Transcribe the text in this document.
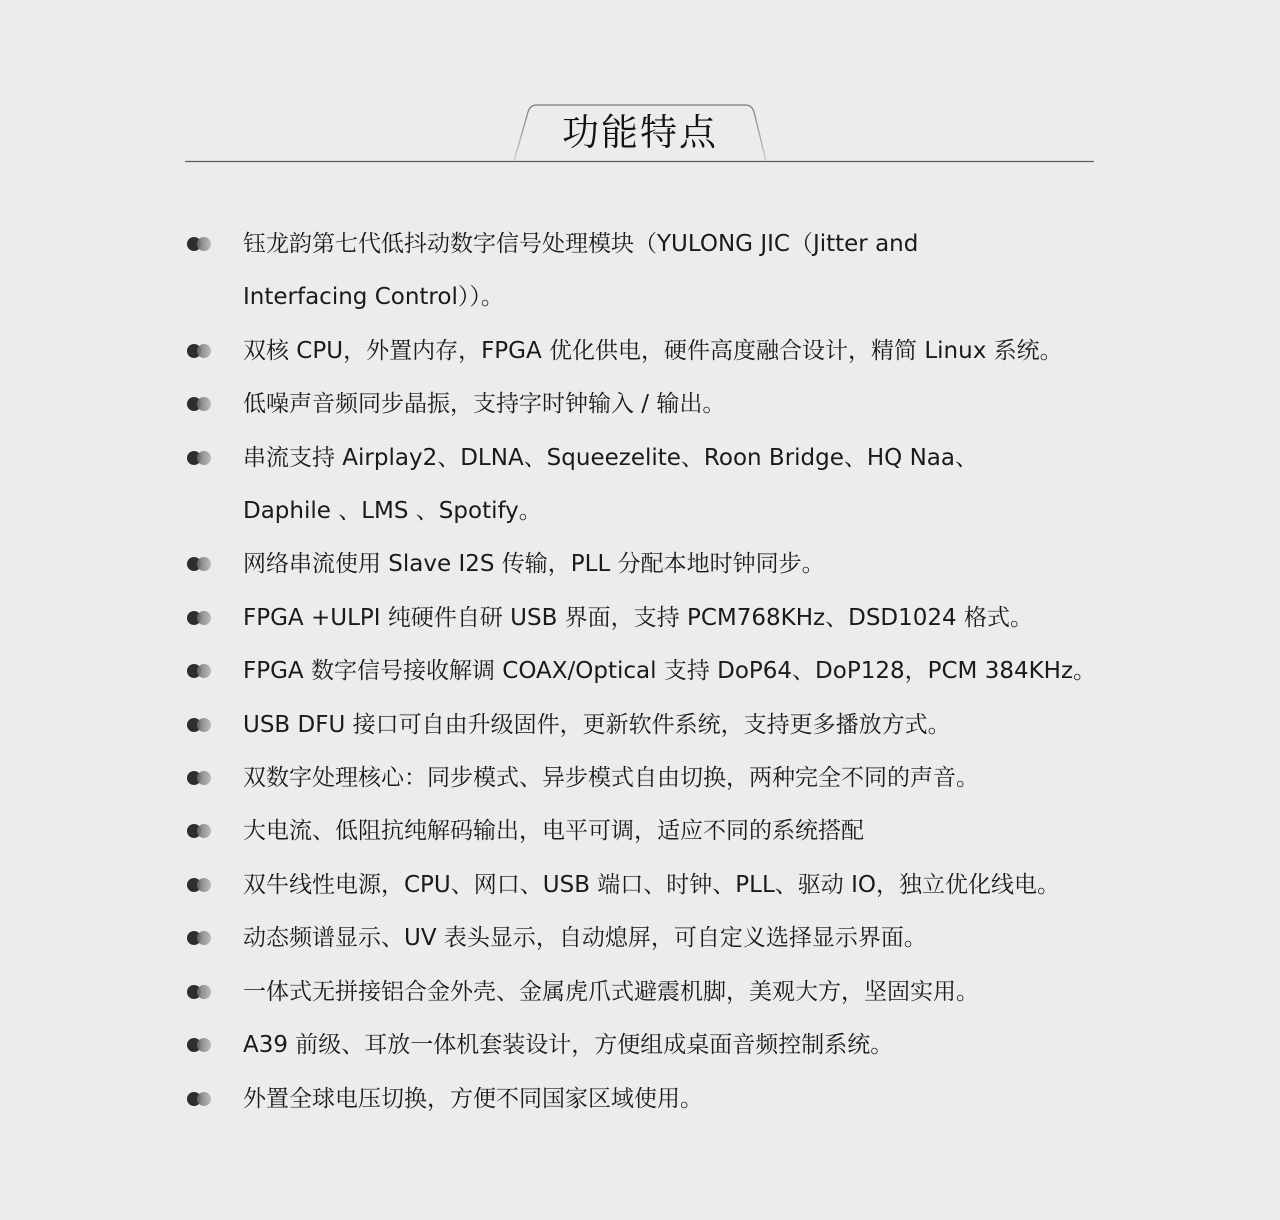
功能特点
钰龙韵第七代低抖动数字信号处理模块（YULONG JIC（Jitter and
Interfacing Control））。
双核 CPU，外置内存，FPGA 优化供电，硬件高度融合设计，精简 Linux 系统。
低噪声音频同步晶振，支持字时钟输入 / 输出。
串流支持 Airplay2、DLNA、Squeezelite、Roon Bridge、HQ Naa、
Daphile 、LMS 、Spotify。
网络串流使用 Slave I2S 传输，PLL 分配本地时钟同步。
FPGA +ULPI 纯硬件自研 USB 界面，支持 PCM768KHz、DSD1024 格式。
FPGA 数字信号接收解调 COAX/Optical 支持 DoP64、DoP128，PCM 384KHz。
USB DFU 接口可自由升级固件，更新软件系统，支持更多播放方式。
双数字处理核心：同步模式、异步模式自由切换，两种完全不同的声音。
大电流、低阻抗纯解码输出，电平可调，适应不同的系统搭配
双牛线性电源，CPU、网口、USB 端口、时钟、PLL、驱动 IO，独立优化线电。
动态频谱显示、UV 表头显示，自动熄屏，可自定义选择显示界面。
一体式无拼接铝合金外壳、金属虎爪式避震机脚，美观大方，坚固实用。
A39 前级、耳放一体机套装设计，方便组成桌面音频控制系统。
外置全球电压切换，方便不同国家区域使用。
